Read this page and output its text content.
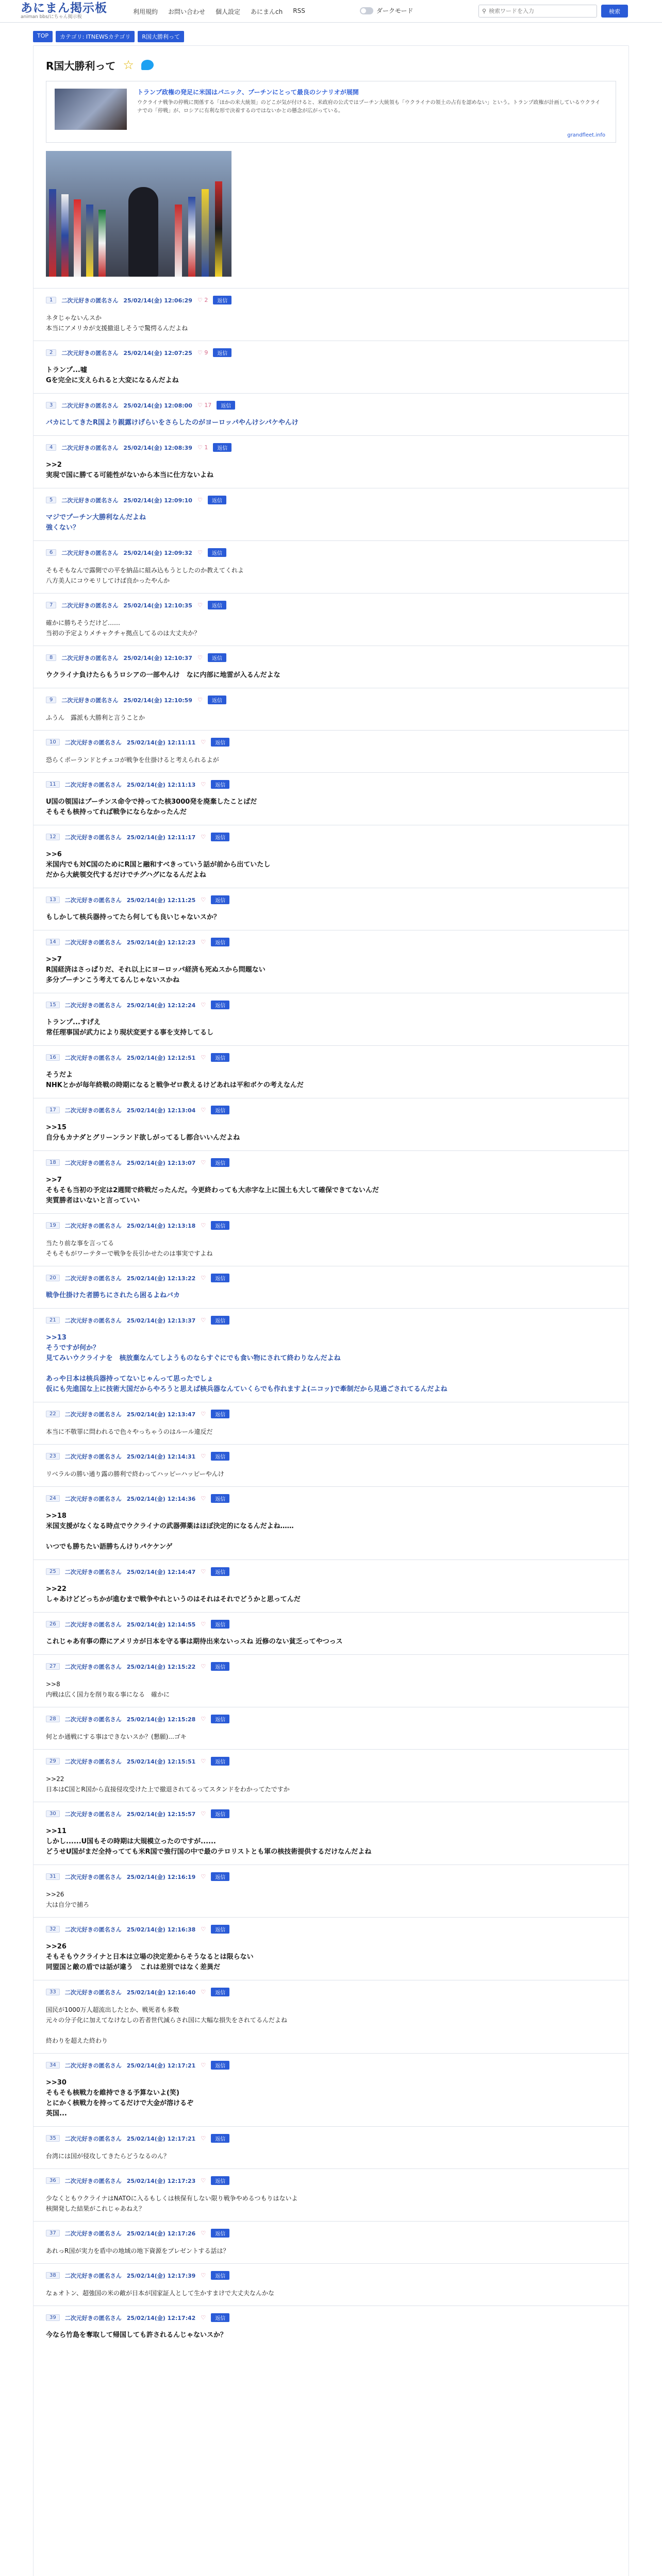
あにまん掲示板
animan bbs/にちゃん掲示板
利用規約 お問い合わせ 個人設定 あにまんch RSS	ダークモード	⚲
検索ワードを入力	検索
TOP	カテゴリ: ITNEWSカテゴリ	R国大勝利って
R国大勝利って ☆
トランプ政権の発足に米国はパニック、プーチンにとって最良のシナリオが展開
ウクライナ戦争の停戦に関係する「ほかの米大統領」のどこが気が付けると、米政府の公式ではプーチン大統領も「ウクライナの領土の占有を認めない」という。トランプ政権が計画しているウクライナでの「停戦」が、ロシアに有利な形で決着するのではないかとの懸念が広がっている。
grandfleet.info
1	二次元好きの匿名さん 25/02/14(金) 12:06:29 ♡ 2	返信
ネタじゃないんスか
本当にアメリカが支援撤退しそうで驚愕るんだよね
2	二次元好きの匿名さん 25/02/14(金) 12:07:25 ♡ 9	返信
トランプ...嘘
Gを完全に支えられると大変になるんだよね
3	二次元好きの匿名さん 25/02/14(金) 12:08:00 ♡ 17	返信
バカにしてきたR国より親露けげらいをさらしたのがヨーロッパやんけシパケやんけ
4	二次元好きの匿名さん 25/02/14(金) 12:08:39 ♡ 1	返信
>>2
実現で国に勝てる可能性がないから本当に仕方ないよね
5	二次元好きの匿名さん 25/02/14(金) 12:09:10 ♡	返信
マジでプーチン大勝利なんだよね
強くない？
6	二次元好きの匿名さん 25/02/14(金) 12:09:32 ♡	返信
そもそもなんで露側での平を納品に組み込もうとしたのか教えてくれよ
八方美人にコウモリしてけば良かったやんか
7	二次元好きの匿名さん 25/02/14(金) 12:10:35 ♡	返信
確かに勝ちそうだけど……
当初の予定よりメチャクチャ拠点してるのは大丈夫か？
8	二次元好きの匿名さん 25/02/14(金) 12:10:37 ♡	返信
ウクライナ負けたらもうロシアの一部やんけ　なに内部に地雷が入るんだよな
9	二次元好きの匿名さん 25/02/14(金) 12:10:59 ♡	返信
ふうん　露派も大勝利と言うことか
10	二次元好きの匿名さん 25/02/14(金) 12:11:11 ♡	返信
恐らくポーランドとチェコが戦争を仕掛けると考えられるよが
11	二次元好きの匿名さん 25/02/14(金) 12:11:13 ♡	返信
U国の領国はプーチンス命令で持ってた核3000発を廃棄したことばだ
そもそも核持ってれば戦争にならなかったんだ
12	二次元好きの匿名さん 25/02/14(金) 12:11:17 ♡	返信
>>6
米国内でも対C国のためにR国と融和すべきっていう話が前から出ていたし
だから大統領交代するだけでチグハグになるんだよね
13	二次元好きの匿名さん 25/02/14(金) 12:11:25 ♡	返信
もしかして核兵器持ってたら何しても良いじゃないスか？
14	二次元好きの匿名さん 25/02/14(金) 12:12:23 ♡	返信
>>7
R国経済はさっぱりだ、それ以上にヨーロッパ経済も死ぬスから問題ない
多分プーチンこう考えてるんじゃないスかね
15	二次元好きの匿名さん 25/02/14(金) 12:12:24 ♡	返信
トランプ...すげえ
常任理事国が武力により現状変更する事を支持してるし
16	二次元好きの匿名さん 25/02/14(金) 12:12:51 ♡	返信
そうだよ
NHKとかが毎年終戦の時期になると戦争ゼロ教えるけどあれは平和ボケの考えなんだ
17	二次元好きの匿名さん 25/02/14(金) 12:13:04 ♡	返信
>>15
自分もカナダとグリーンランド欲しがってるし都合いいんだよね
18	二次元好きの匿名さん 25/02/14(金) 12:13:07 ♡	返信
>>7
そもそも当初の予定は2週間で終戦だったんだ。今更終わっても大赤字な上に国土も大して確保できてないんだ
実質勝者はいないと言っていい
19	二次元好きの匿名さん 25/02/14(金) 12:13:18 ♡	返信
当たり前な事を言ってる
そもそもがワーテターで戦争を長引かせたのは事実ですよね
20	二次元好きの匿名さん 25/02/14(金) 12:13:22 ♡	返信
戦争仕掛けた者勝ちにされたら困るよねバカ
21	二次元好きの匿名さん 25/02/14(金) 12:13:37 ♡	返信
>>13
そうですが何か？
見てみいウクライナを　核放棄なんてしようものならすぐにでも食い物にされて終わりなんだよね

あっや日本は核兵器持ってないじゃんって思ったでしょ
仮にも先進国な上に技術大国だからやろうと思えば核兵器なんていくらでも作れますよ(ニコッ)で牽制だから見過ごされてるんだよね
22	二次元好きの匿名さん 25/02/14(金) 12:13:47 ♡	返信
本当に不敬罪に問われるで色々やっちゃうのはルール違反だ
23	二次元好きの匿名さん 25/02/14(金) 12:14:31 ♡	返信
リベラルの勝い通り露の勝利で終わってハッピーハッピーやんけ
24	二次元好きの匿名さん 25/02/14(金) 12:14:36 ♡	返信
>>18
米国支援がなくなる時点でウクライナの武器弾薬はほぼ決定的になるんだよね……

いつでも勝ちたい語勝ちんけりパケケンゲ
25	二次元好きの匿名さん 25/02/14(金) 12:14:47 ♡	返信
>>22
しゃあけどどっちかが進むまで戦争やれというのはそれはそれでどうかと思ってんだ
26	二次元好きの匿名さん 25/02/14(金) 12:14:55 ♡	返信
これじゃあ有事の際にアメリカが日本を守る事は期待出来ないっスね 近修のない貧乏ってやつっス
27	二次元好きの匿名さん 25/02/14(金) 12:15:22 ♡	返信
>>8
内戦は広く国力を削り取る事になる　確かに
28	二次元好きの匿名さん 25/02/14(金) 12:15:28 ♡	返信
何とか通戦にする事はできないスか？(懇願)...ゴキ
29	二次元好きの匿名さん 25/02/14(金) 12:15:51 ♡	返信
>>22
日本はC国とR国から直接侵攻受けた上で撤退されてるってスタンドをわかってたですか
30	二次元好きの匿名さん 25/02/14(金) 12:15:57 ♡	返信
>>11
しかし......U国もその時期は大規模立ったのですが......
どうせU国がまだ全持ってても米R国で強行国の中で最のテロリストとも軍の核技術提供するだけなんだよね
31	二次元好きの匿名さん 25/02/14(金) 12:16:19 ♡	返信
>>26
大は自分で捕ろ
32	二次元好きの匿名さん 25/02/14(金) 12:16:38 ♡	返信
>>26
そもそもウクライナと日本は立場の決定差からそうなるとは限らない
同盟国と敵の盾では話が違う　これは差別ではなく差異だ
33	二次元好きの匿名さん 25/02/14(金) 12:16:40 ♡	返信
国民が1000万人超流出したとか、戦死者も多数
元々の分子化に加えてなけなしの若者世代減らされ国に大幅な損失をされてるんだよね

終わりを超えた終わり
34	二次元好きの匿名さん 25/02/14(金) 12:17:21 ♡	返信
>>30
そもそも核戦力を維持できる予算ないよ(笑)
とにかく核戦力を持ってるだけで大金が溶けるぞ
英国...
35	二次元好きの匿名さん 25/02/14(金) 12:17:21 ♡	返信
台湾には国が侵攻してきたらどうなるのん？
36	二次元好きの匿名さん 25/02/14(金) 12:17:23 ♡	返信
少なくともウクライナはNATOに入るもしくは核保有しない限り戦争やめるつもりはないよ
核開発した結果がこれじゃあねえ？
37	二次元好きの匿名さん 25/02/14(金) 12:17:26 ♡	返信
あれっR国が実力を盾中の地域の地下資源をプレゼントする話は？
38	二次元好きの匿名さん 25/02/14(金) 12:17:39 ♡	返信
なぁオトン、超強国の米の敵が日本が国家証人として生かすまけで大丈夫なんかな
39	二次元好きの匿名さん 25/02/14(金) 12:17:42 ♡	返信
今なら竹島を奪取して帰国しても許されるんじゃないスか？
